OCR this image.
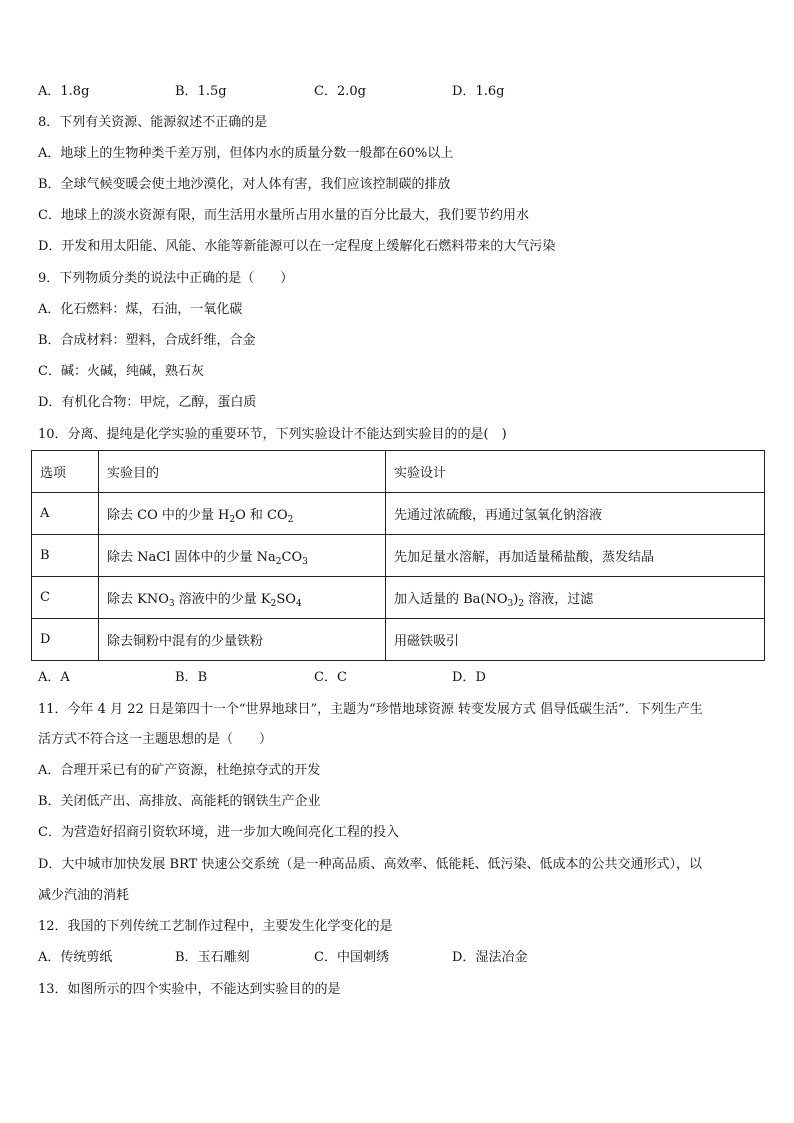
A．1.8g	B．1.5g	C．2.0g	D．1.6g
8．下列有关资源、能源叙述不正确的是
A．地球上的生物种类千差万别，但体内水的质量分数一般都在60%以上
B．全球气候变暖会使土地沙漠化，对人体有害，我们应该控制碳的排放
C．地球上的淡水资源有限，而生活用水量所占用水量的百分比最大，我们要节约用水
D．开发和用太阳能、风能、水能等新能源可以在一定程度上缓解化石燃料带来的大气污染
9．下列物质分类的说法中正确的是（　　）
A．化石燃料：煤，石油，一氧化碳
B．合成材料：塑料，合成纤维，合金
C．碱：火碱，纯碱，熟石灰
D．有机化合物：甲烷，乙醇，蛋白质
10．分离、提纯是化学实验的重要环节，下列实验设计不能达到实验目的的是(　)
选项	实验目的	实验设计
A	除去 CO 中的少量 $H_2O$ 和 $CO_2$	先通过浓硫酸，再通过氢氧化钠溶液
B	除去 NaCl 固体中的少量 $Na_2CO_3$	先加足量水溶解，再加适量稀盐酸，蒸发结晶
C	除去 $KNO_3$ 溶液中的少量 $K_2SO_4$	加入适量的 $Ba(NO_3)_2$ 溶液，过滤
D	除去铜粉中混有的少量铁粉	用磁铁吸引
A．A	B．B	C．C	D．D
11．今年 4 月 22 日是第四十一个“世界地球日”，主题为“珍惜地球资源 转变发展方式 倡导低碳生活”．下列生产生
活方式不符合这一主题思想的是（　　）
A．合理开采已有的矿产资源，杜绝掠夺式的开发
B．关闭低产出、高排放、高能耗的钢铁生产企业
C．为营造好招商引资软环境，进一步加大晚间亮化工程的投入
D．大中城市加快发展 BRT 快速公交系统（是一种高品质、高效率、低能耗、低污染、低成本的公共交通形式），以
减少汽油的消耗
12．我国的下列传统工艺制作过程中，主要发生化学变化的是
A．传统剪纸	B．玉石雕刻	C．中国刺绣	D．湿法冶金
13．如图所示的四个实验中，不能达到实验目的的是
